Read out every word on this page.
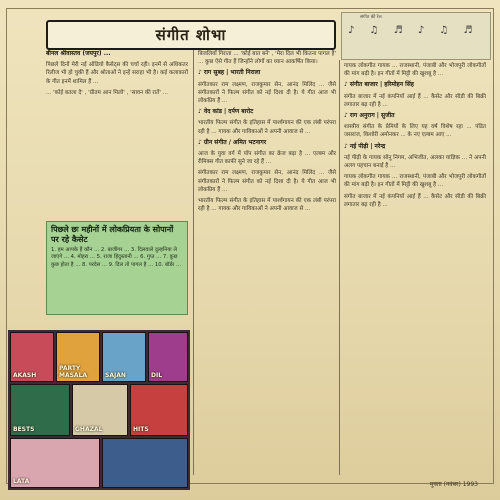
संगीत शोभा	♪ ♫ ♬ ♪ ♫ ♬
संगीत की रेल

बीनल श्रीवास्तव (जयपुर) ...

पिछले दिनों मेरी नई ऑडियो कैसेट्स की चर्चा रही। इनमें से अधिकतर रिलीज भी हो चुकी हैं और श्रोताओं ने इन्हें सराहा भी है। कई कलाकारों के गीत इनमें शामिल हैं ...

... 'कोई बतला दे' , 'प्रीतम आन मिलो' , 'सावन की रातें' ...

पिछले छः महीनों में लोकप्रियता के सोपानों पर रहे कैसेट
1. हम आपके हैं कौन ... 2. बाजीगर ... 3. दिलवाले दुल्हनिया ले जाएंगे ... 4. मोहरा ... 5. राजा हिंदुस्तानी ... 6. गुप्त ... 7. कुछ कुछ होता है ... 8. परदेस ... 9. दिल तो पागल है ... 10. बॉर्डर ...
AKASH
PARTY MASALA	SAJAN	DIL
BESTS	GHAZAL	HITS
LATA

बिजलियाँ गिराता ... 'कोई बात बने' , 'मेरा दिल भी कितना पागल है' ... कुछ ऐसे गीत हैं जिन्होंने लोगों का ध्यान आकर्षित किया।

♪ राग सुबह | भारती निराला

संगीतकार राम लक्ष्मण, राजकुमार सेन, आनंद मिलिंद ... जैसे संगीतकारों ने फिल्म संगीत को नई दिशा दी है। ये गीत आज भी लोकप्रिय हैं ...

♪ वेद कांड | दर्पण बारोट

भारतीय फिल्म संगीत के इतिहास में पार्श्वगायन की एक लंबी परंपरा रही है ... गायक और गायिकाओं ने अपनी आवाज से ...

♪ ग्रीन संगीत / अमित भटनागर

आज के युवा वर्ग में पॉप संगीत का क्रेज बढ़ा है ... एल्बम और रीमिक्स गीत काफी सुने जा रहे हैं ...

संगीतकार राम लक्ष्मण, राजकुमार सेन, आनंद मिलिंद ... जैसे संगीतकारों ने फिल्म संगीत को नई दिशा दी है। ये गीत आज भी लोकप्रिय हैं ...

भारतीय फिल्म संगीत के इतिहास में पार्श्वगायन की एक लंबी परंपरा रही है ... गायक और गायिकाओं ने अपनी आवाज से ...

गायक लोकगीत गायक ... राजस्थानी, पंजाबी और भोजपुरी लोकगीतों की मांग बढ़ी है। इन गीतों में मिट्टी की खुशबू है ...

♪ संगीत बाजार | हरिमोहन सिंह

संगीत बाजार में नई कंपनियाँ आई हैं ... कैसेट और सीडी की बिक्री लगातार बढ़ रही है ...

♪ राग अनुराग | सुजीत

शास्त्रीय संगीत के प्रेमियों के लिए यह वर्ष विशेष रहा ... पंडित जसराज, किशोरी अमोनकर ... के नए एल्बम आए ...

♪ नई पीढ़ी | नरेन्द्र

नई पीढ़ी के गायक सोनू निगम, अभिजीत, अलका याज्ञिक ... ने अपनी अलग पहचान बनाई है ...

गायक लोकगीत गायक ... राजस्थानी, पंजाबी और भोजपुरी लोकगीतों की मांग बढ़ी है। इन गीतों में मिट्टी की खुशबू है ...

संगीत बाजार में नई कंपनियाँ आई हैं ... कैसेट और सीडी की बिक्री लगातार बढ़ रही है ...

मुक्ता (नवंबर) 1993
